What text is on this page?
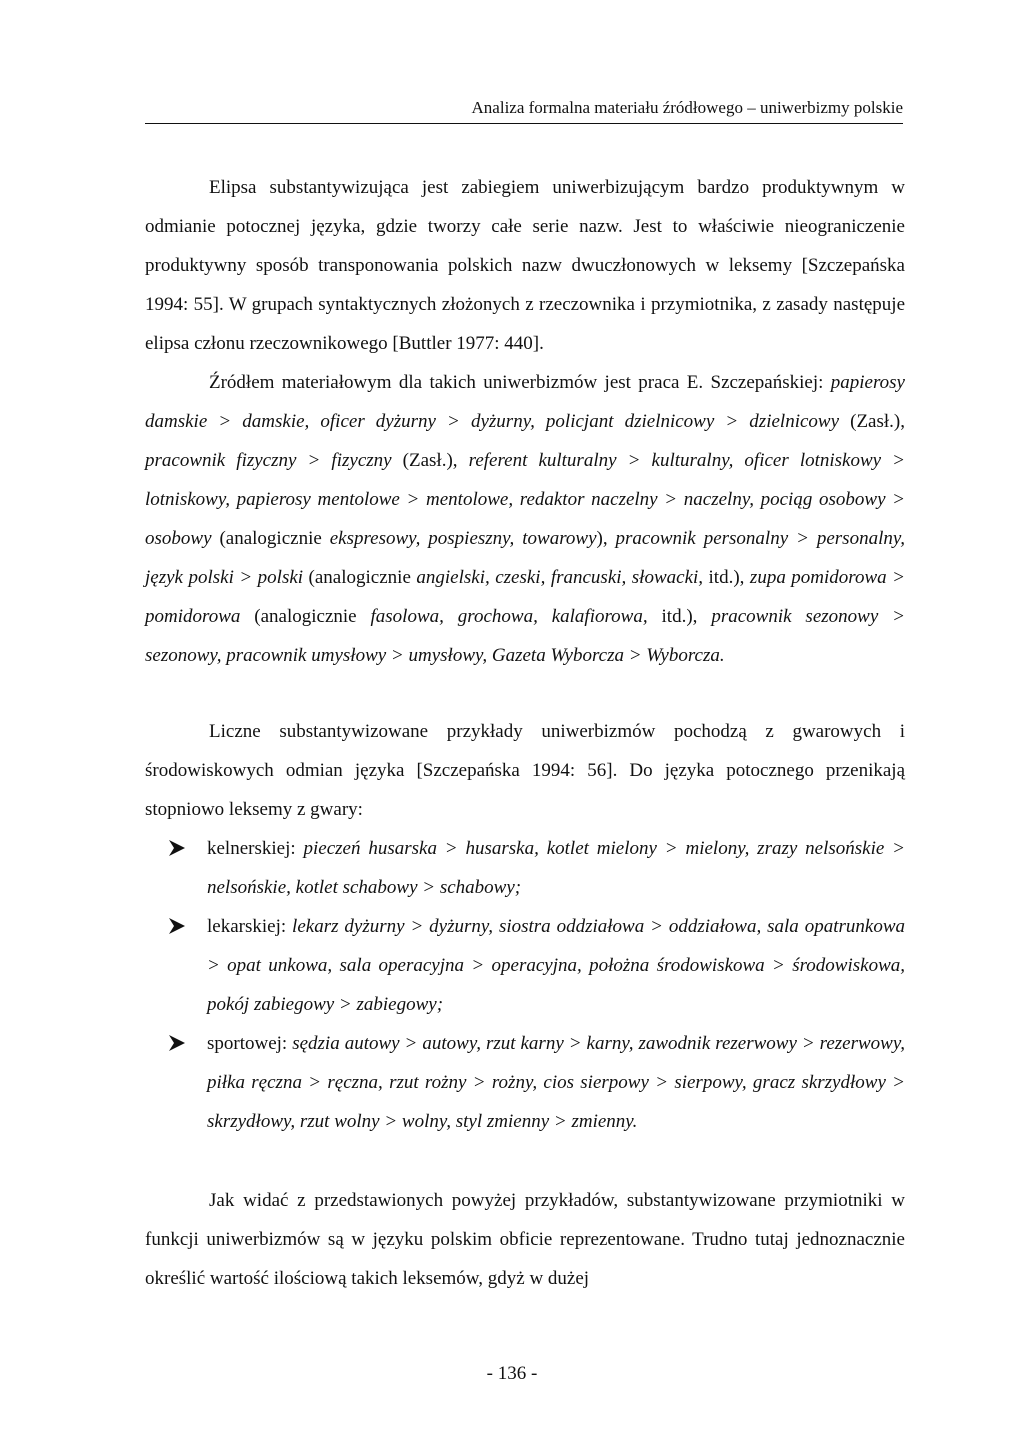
Analiza formalna materiału źródłowego – uniwerbizmy polskie

Elipsa substantywizująca jest zabiegiem uniwerbizującym bardzo produktywnym w odmianie potocznej języka, gdzie tworzy całe serie nazw. Jest to właściwie nieograniczenie produktywny sposób transponowania polskich nazw dwuczłonowych w leksemy [Szczepańska 1994: 55]. W grupach syntaktycznych złożonych z rzeczownika i przymiotnika, z zasady następuje elipsa członu rzeczownikowego [Buttler 1977: 440].

Źródłem materiałowym dla takich uniwerbizmów jest praca E. Szczepańskiej: papierosy damskie > damskie, oficer dyżurny > dyżurny, policjant dzielnicowy > dzielnicowy (Zasł.), pracownik fizyczny > fizyczny (Zasł.), referent kulturalny > kulturalny, oficer lotniskowy > lotniskowy, papierosy mentolowe > mentolowe, redaktor naczelny > naczelny, pociąg osobowy > osobowy (analogicznie ekspresowy, pospieszny, towarowy), pracownik personalny > personalny, język polski > polski (analogicznie angielski, czeski, francuski, słowacki, itd.), zupa pomidorowa > pomidorowa (analogicznie fasolowa, grochowa, kalafiorowa, itd.), pracownik sezonowy > sezonowy, pracownik umysłowy > umysłowy, Gazeta Wyborcza > Wyborcza.

Liczne substantywizowane przykłady uniwerbizmów pochodzą z gwarowych i środowiskowych odmian języka [Szczepańska 1994: 56]. Do języka potocznego przenikają stopniowo leksemy z gwary:

kelnerskiej: pieczeń husarska > husarska, kotlet mielony > mielony, zrazy nelsońskie > nelsońskie, kotlet schabowy > schabowy;
lekarskiej: lekarz dyżurny > dyżurny, siostra oddziałowa > oddziałowa, sala opatrunkowa > opat unkowa, sala operacyjna > operacyjna, położna środowiskowa > środowiskowa, pokój zabiegowy > zabiegowy;
sportowej: sędzia autowy > autowy, rzut karny > karny, zawodnik rezerwowy > rezerwowy, piłka ręczna > ręczna, rzut rożny > rożny, cios sierpowy > sierpowy, gracz skrzydłowy > skrzydłowy, rzut wolny > wolny, styl zmienny > zmienny.

Jak widać z przedstawionych powyżej przykładów, substantywizowane przymiotniki w funkcji uniwerbizmów są w języku polskim obficie reprezentowane. Trudno tutaj jednoznacznie określić wartość ilościową takich leksemów, gdyż w dużej

- 136 -
